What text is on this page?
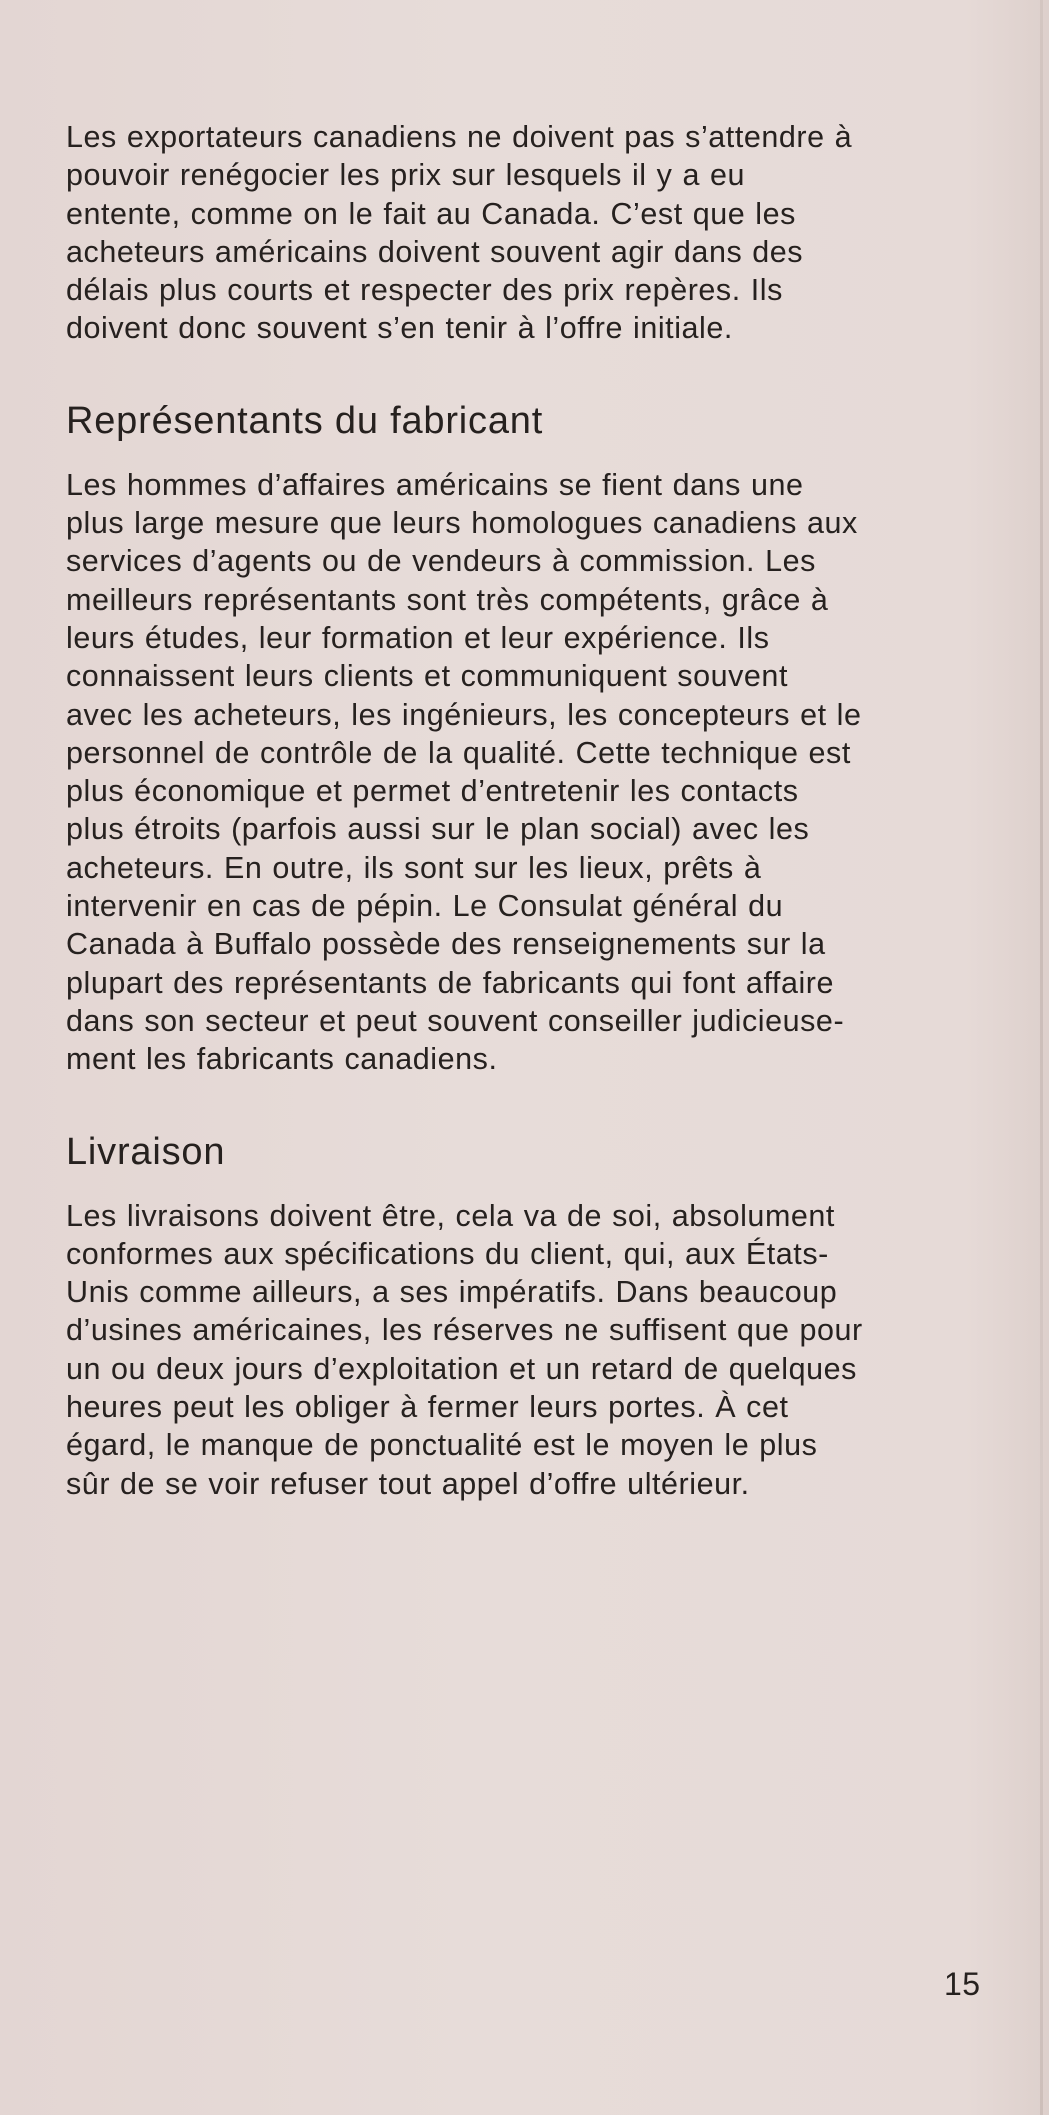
Les exportateurs canadiens ne doivent pas s’attendre à
pouvoir renégocier les prix sur lesquels il y a eu
entente, comme on le fait au Canada. C’est que les
acheteurs américains doivent souvent agir dans des
délais plus courts et respecter des prix repères. Ils
doivent donc souvent s’en tenir à l’offre initiale.

Représentants du fabricant

Les hommes d’affaires américains se fient dans une
plus large mesure que leurs homologues canadiens aux
services d’agents ou de vendeurs à commission. Les
meilleurs représentants sont très compétents, grâce à
leurs études, leur formation et leur expérience. Ils
connaissent leurs clients et communiquent souvent
avec les acheteurs, les ingénieurs, les concepteurs et le
personnel de contrôle de la qualité. Cette technique est
plus économique et permet d’entretenir les contacts
plus étroits (parfois aussi sur le plan social) avec les
acheteurs. En outre, ils sont sur les lieux, prêts à
intervenir en cas de pépin. Le Consulat général du
Canada à Buffalo possède des renseignements sur la
plupart des représentants de fabricants qui font affaire
dans son secteur et peut souvent conseiller judicieuse-
ment les fabricants canadiens.

Livraison

Les livraisons doivent être, cela va de soi, absolument
conformes aux spécifications du client, qui, aux États-
Unis comme ailleurs, a ses impératifs. Dans beaucoup
d’usines américaines, les réserves ne suffisent que pour
un ou deux jours d’exploitation et un retard de quelques
heures peut les obliger à fermer leurs portes. À cet
égard, le manque de ponctualité est le moyen le plus
sûr de se voir refuser tout appel d’offre ultérieur.

15
